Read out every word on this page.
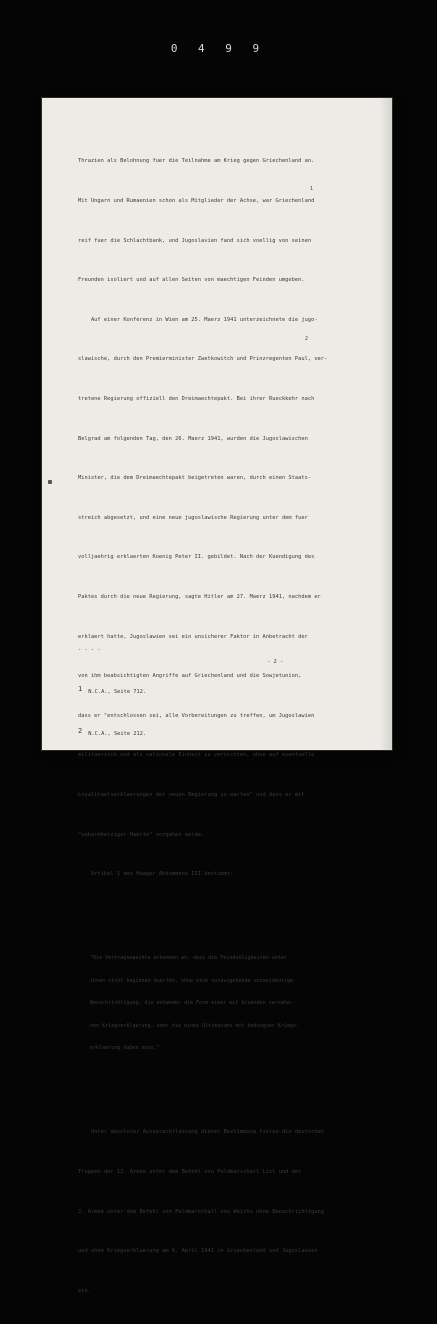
0 4 9 9

Thrazien als Belohnung fuer die Teilnahme am Krieg gegen Griechenland an.

Mit Ungarn und Rumaenien schon als Mitglieder der Achse, war Griechenland

reif fuer die Schlachtbank, und Jugoslavien fand sich voellig von seinen

Freunden isoliert und auf allen Seiten von maechtigen Feinden umgeben.

Auf einer Konferenz in Wien am 25. Maerz 1941 unterzeichnete die jugo-

slawische, durch den Premierminister Zwetkowitch und Prinzregenten Paul, ver-

tretene Regierung offiziell den Dreimaechtepakt. Bei ihrer Rueckkehr nach

Belgrad am folgenden Tag, den 26. Maerz 1941, wurden die Jugoslawischen

Minister, die dem Dreimaechtepakt beigetreten waren, durch einen Staats-

streich abgesetzt, und eine neue jugoslawische Regierung unter dem fuer

volljaehrig erklaerten Koenig Peter II. gebildet. Nach der Kuendigung des

Paktes durch die neue Regierung, sagte Hitler am 27. Maerz 1941, nachdem er

erklaert hatte, Jugoslawien sei ein unsicherer Faktor in Anbetracht der

von ihm beabsichtigten Angriffe auf Griechenland und die Sowjetunion,

dass er "entschlossen sei, alle Vorbereitungen zu treffen, um Jugoslawien

militaerisch und als nationale Einheit zu vernichten, ohne auf eventuelle

Loyalitaetserklaerungen der neuen Regierung zu warten" und dass er mit

"unbarmherziger Haerte" vorgehen werde.

Artikel 1 des Haager Abkommens III bestimmt:

"Die Vertragsmaechte erkennen an, dass die Feindseligkeiten unter

ihnen nicht beginnen duerfen, ohne eine vorausgehende unzweideutige

Benachrichtigung, die entweder die Form einer mit Gruenden versehe-

nen Kriegserklaerung, oder die eines Ultimatums mit bedingter Kriegs-

erklaerung haben muss."

Unter absoluter Ausserachtlassung dieser Bestimmung fielen die deutschen

Truppen der 12. Armee unter dem Befehl von Feldmarschall List und der

2. Armee unter dem Befehl von Feldmarschall von Weichs ohne Benachrichtigung

und ohne Kriegserklaerung am 6. April 1941 in Griechenland und Jugoslawien

ein.

1
2

- - - -

$^1$ N.C.A., Seite 712.

$^2$ N.C.A., Seite 212.

- 2 -
